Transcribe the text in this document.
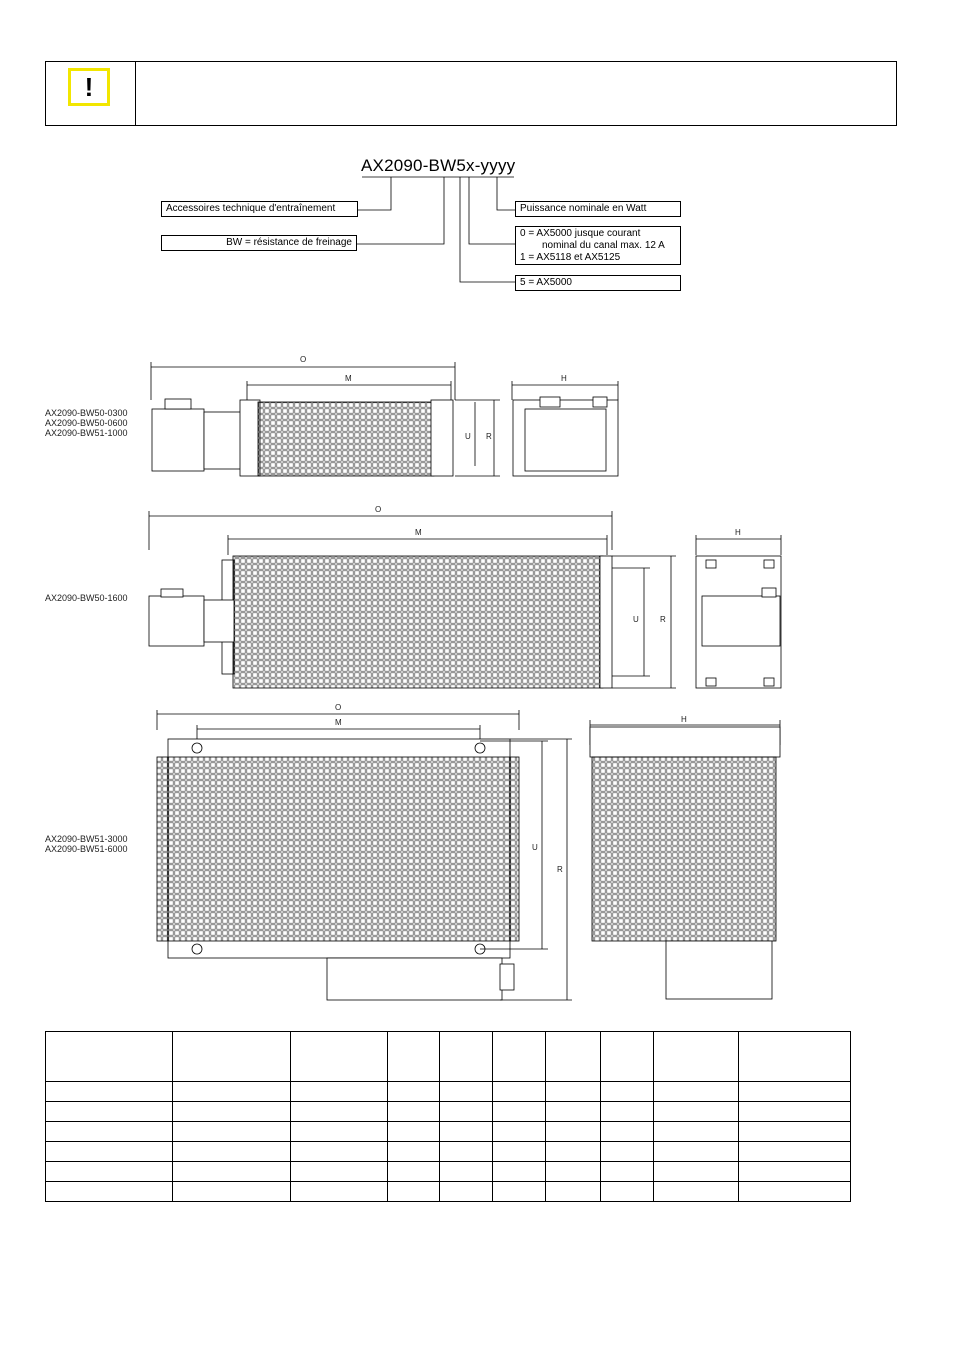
!
AX2090-BW5x-yyyy
Accessoires technique d'entraînement
BW = résistance de freinage
Puissance nominale en Watt
0 = AX5000 jusque courant
nominal du canal max. 12 A
1 = AX5118 et AX5125
5 = AX5000
AX2090-BW50-0300
AX2090-BW50-0600
AX2090-BW51-1000
AX2090-BW50-1600
AX2090-BW51-3000
AX2090-BW51-6000
O
M	H
U R
O
M	H
U	R
O
M	H
U
R
